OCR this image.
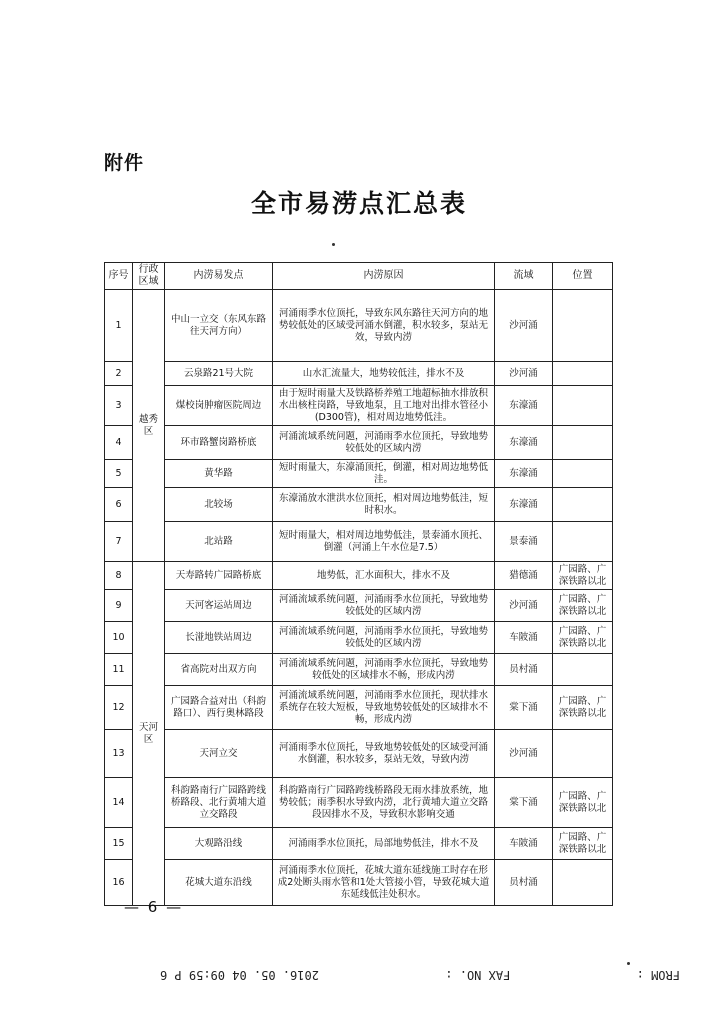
FROM :
FAX NO. :
2016. 05. 04 09:59 P 6
附件
全市易涝点汇总表
序号	行政区域	内涝易发点	内涝原因	流域	位置
1	越秀区	中山一立交（东风东路往天河方向）	河涌雨季水位顶托，导致东风东路往天河方向的地势较低处的区域受河涌水倒灌，积水较多，泵站无效，导致内涝	沙河涌	
2		云泉路21号大院	山水汇流量大，地势较低洼，排水不及	沙河涌	
3		煤校岗肿瘤医院周边	由于短时雨量大及铁路桥养殖工地超标抽水排放积水出核柱岗路，导致地泵，且工地对出排水管径小(D300管)，相对周边地势低洼。	东濠涌	
4		环市路蟹岗路桥底	河涌流域系统问题，河涌雨季水位顶托，导致地势较低处的区域内涝	东濠涌	
5		黄华路	短时雨量大，东濠涌顶托，倒灌，相对周边地势低洼。	东濠涌	
6		北较场	东濠涌放水泄洪水位顶托，相对周边地势低洼，短时积水。	东濠涌	
7		北站路	短时雨量大，相对周边地势低洼，景泰涌水顶托、倒灌（河涌上午水位是7.5）	景泰涌	
8	天河区	天寿路转广园路桥底	地势低，汇水面积大，排水不及	猎德涌	广园路、广深铁路以北
9		天河客运站周边	河涌流域系统问题，河涌雨季水位顶托，导致地势较低处的区域内涝	沙河涌	广园路、广深铁路以北
10		长湴地铁站周边	河涌流域系统问题，河涌雨季水位顶托，导致地势较低处的区域内涝	车陂涌	广园路、广深铁路以北
11		省高院对出双方向	河涌流域系统问题，河涌雨季水位顶托，导致地势较低处的区域排水不畅，形成内涝	员村涌	
12		广园路合益对出（科韵路口）、西行奥林路段	河涌流域系统问题，河涌雨季水位顶托，现状排水系统存在较大短板，导致地势较低处的区域排水不畅，形成内涝	棠下涌	广园路、广深铁路以北
13		天河立交	河涌雨季水位顶托，导致地势较低处的区域受河涌水倒灌，积水较多，泵站无效，导致内涝	沙河涌	
14		科韵路南行广园路跨线桥路段、北行黄埔大道立交路段	科韵路南行广园路跨线桥路段无雨水排放系统，地势较低；雨季积水导致内涝，北行黄埔大道立交路段因排水不及，导致积水影响交通	棠下涌	广园路、广深铁路以北
15		大观路沿线	河涌雨季水位顶托，局部地势低洼，排水不及	车陂涌	广园路、广深铁路以北
16		花城大道东沿线	河涌雨季水位顶托，花城大道东延线施工时存在形成2处断头雨水管和1处大管接小管，导致花城大道东延线低洼处积水。	员村涌	
— 6 —
